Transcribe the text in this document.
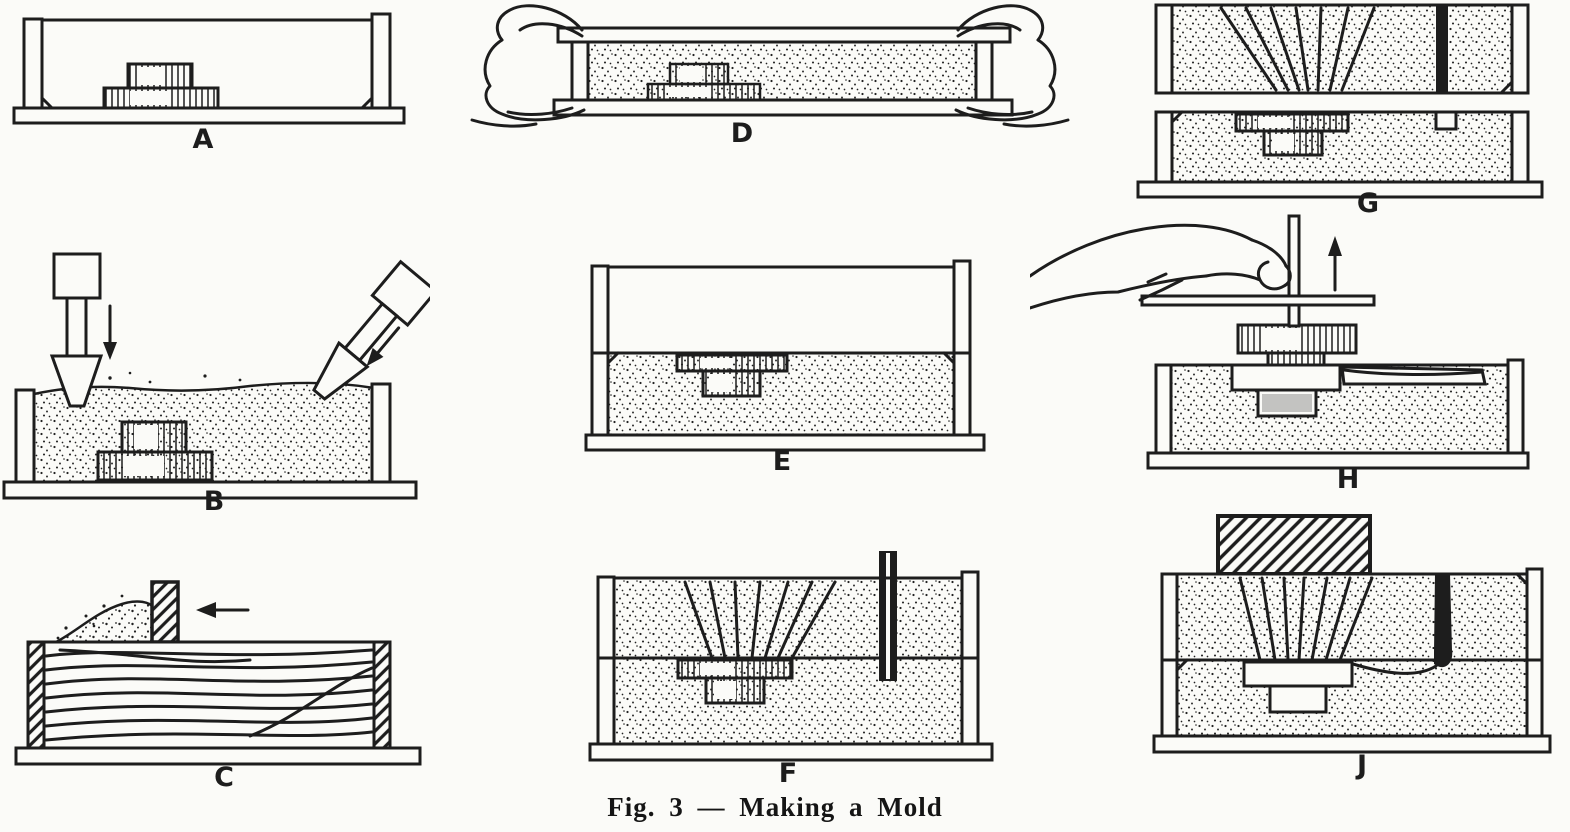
A
B
C
D
E
F
G
H
J
Fig. 3 — Making a Mold
